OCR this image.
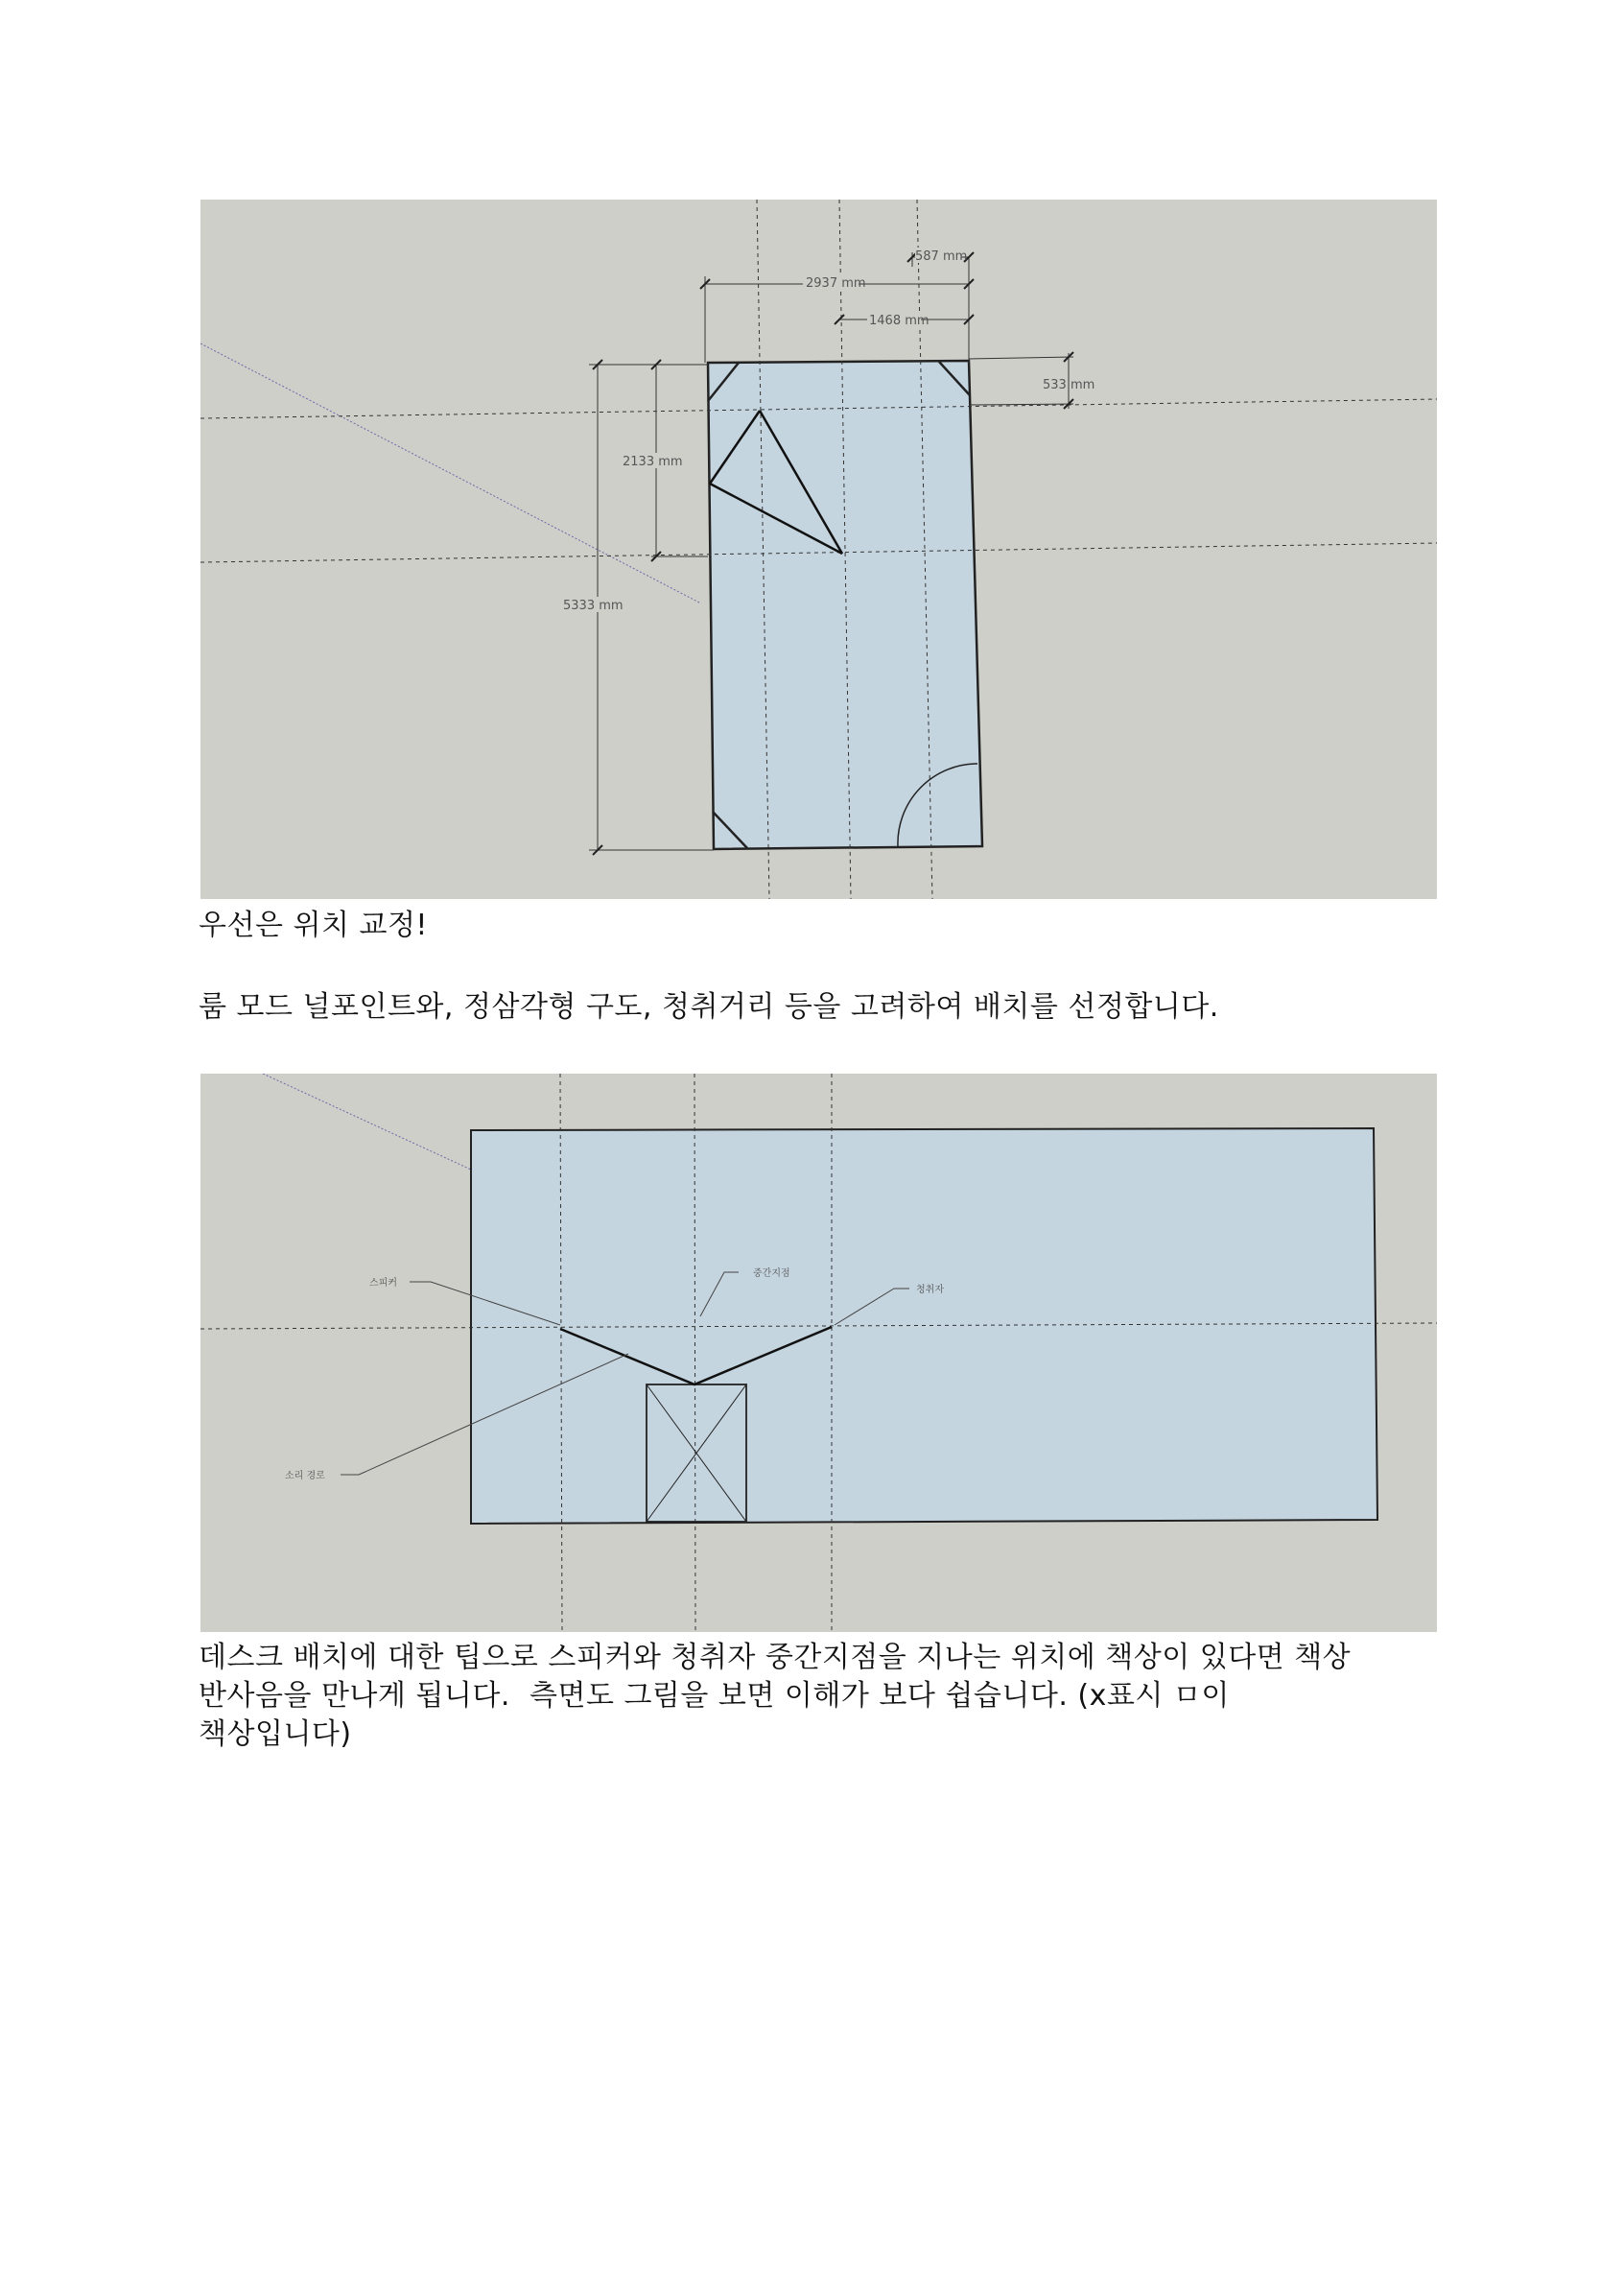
2937 mm
587 mm
1468 mm
533 mm
2133 mm
5333 mm
우선은 위치 교정!
룸 모드 널포인트와, 정삼각형 구도, 청취거리 등을 고려하여 배치를 선정합니다.
스피커
중간지점
청취자
소리 경로
데스크 배치에 대한 팁으로 스피커와 청취자 중간지점을 지나는 위치에 책상이 있다면 책상
반사음을 만나게 됩니다.  측면도 그림을 보면 이해가 보다 쉽습니다. (x표시 ㅁ이
책상입니다)
